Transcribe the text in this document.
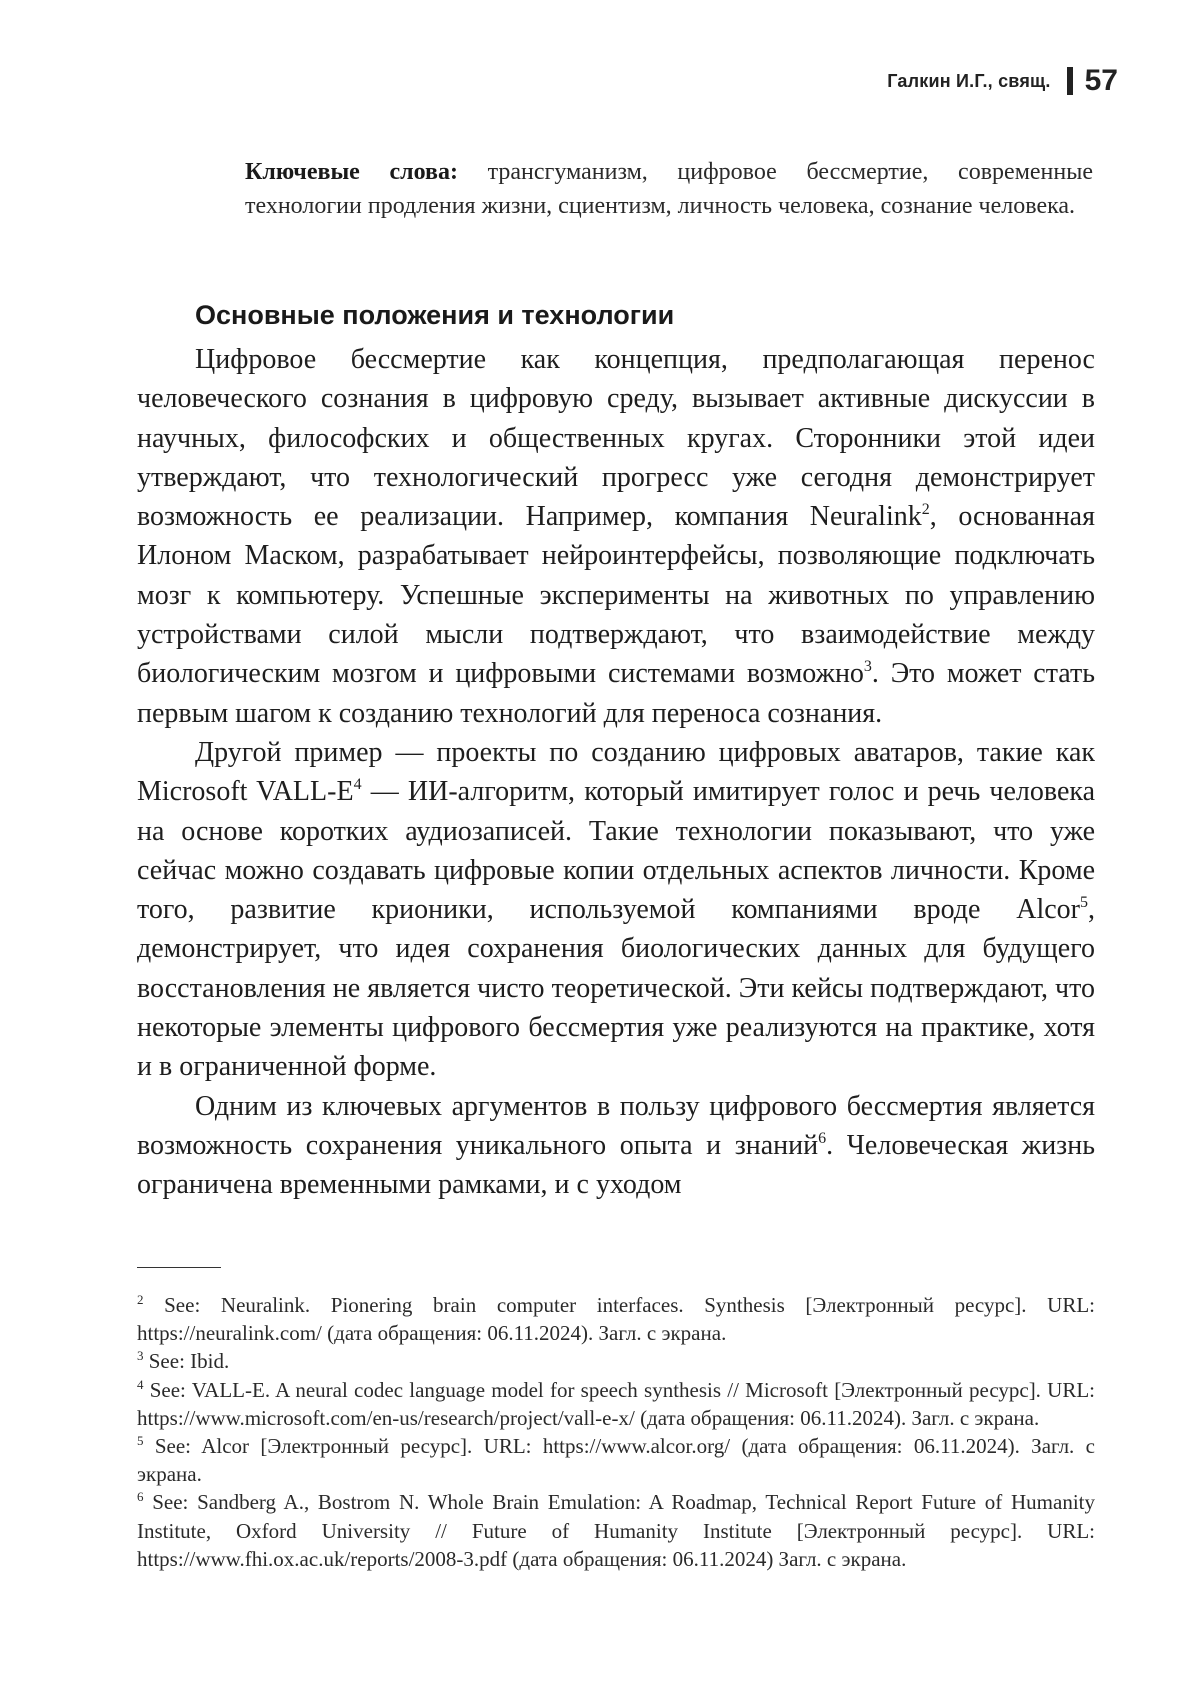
Галкин И.Г., свящ. 57
Ключевые слова: трансгуманизм, цифровое бессмертие, современные технологии продления жизни, сциентизм, личность человека, сознание человека.
Основные положения и технологии

Цифровое бессмертие как концепция, предполагающая перенос человеческого сознания в цифровую среду, вызывает активные дискуссии в научных, философских и общественных кругах. Сторонники этой идеи утверждают, что технологический прогресс уже сегодня демонстрирует возможность ее реализации. Например, компания Neuralink$^2$, основанная Илоном Маском, разрабатывает нейроинтерфейсы, позволяющие подключать мозг к компьютеру. Успешные эксперименты на животных по управлению устройствами силой мысли подтверждают, что взаимодействие между биологическим мозгом и цифровыми системами возможно$^3$. Это может стать первым шагом к созданию технологий для переноса сознания.

Другой пример — проекты по созданию цифровых аватаров, такие как Microsoft VALL-$E^4$ — ИИ-алгоритм, который имитирует голос и речь человека на основе коротких аудиозаписей. Такие технологии показывают, что уже сейчас можно создавать цифровые копии отдельных аспектов личности. Кроме того, развитие крионики, используемой компаниями вроде Alcor$^5$, демонстрирует, что идея сохранения биологических данных для будущего восстановления не является чисто теоретической. Эти кейсы подтверждают, что некоторые элементы цифрового бессмертия уже реализуются на практике, хотя и в ограниченной форме.

Одним из ключевых аргументов в пользу цифрового бессмертия является возможность сохранения уникального опыта и знаний$^6$. Человеческая жизнь ограничена временными рамками, и с уходом

$^2$ See: Neuralink. Pionering brain computer interfaces. Synthesis [Электронный ресурс]. URL: https://neuralink.com/ (дата обращения: 06.11.2024). Загл. с экрана.
$^3$ See: Ibid.
$^4$ See: VALL-E. A neural codec language model for speech synthesis // Microsoft [Электронный ресурс]. URL: https://www.microsoft.com/en-us/research/project/vall-e-x/ (дата обращения: 06.11.2024). Загл. с экрана.
$^5$ See: Alcor [Электронный ресурс]. URL: https://www.alcor.org/ (дата обращения: 06.11.2024). Загл. с экрана.
$^6$ See: Sandberg A., Bostrom N. Whole Brain Emulation: A Roadmap, Technical Report Future of Humanity Institute, Oxford University // Future of Humanity Institute [Электронный ресурс]. URL: https://www.fhi.ox.ac.uk/reports/2008-3.pdf (дата обращения: 06.11.2024) Загл. с экрана.
